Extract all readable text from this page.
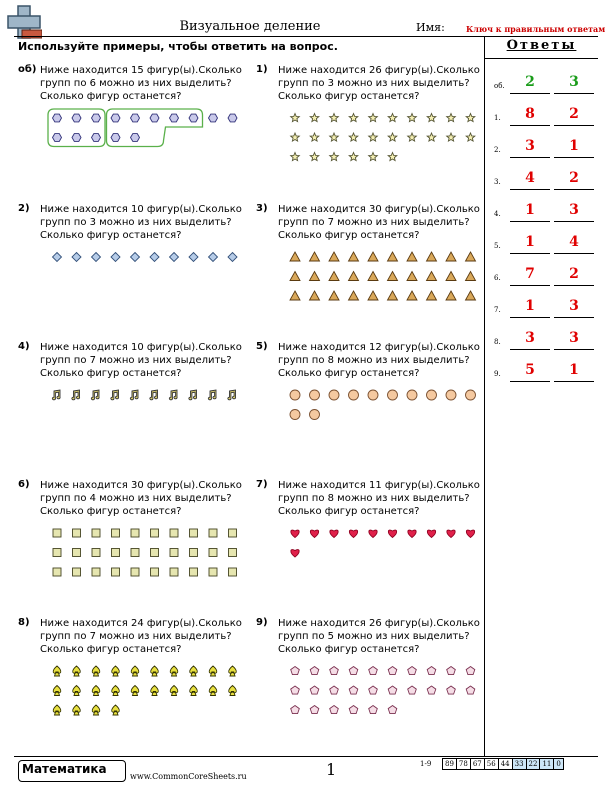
Визуальное деление	Имя:	Ключ к правильным ответам
Используйте примеры, чтобы ответить на вопрос.	Ответы
об.	2	3
1.	8	2
2.	3	1
3.	4	2
4.	1	3
5.	1	4
6.	7	2
7.	1	3
8.	3	3
9.	5	1
об) Ниже находится 15 фигур(ы).Сколько групп по 6 можно из них выделить? Сколько фигур останется?
1) Ниже находится 26 фигур(ы).Сколько групп по 3 можно из них выделить? Сколько фигур останется?
2) Ниже находится 10 фигур(ы).Сколько групп по 3 можно из них выделить? Сколько фигур останется?
3) Ниже находится 30 фигур(ы).Сколько групп по 7 можно из них выделить? Сколько фигур останется?
4) Ниже находится 10 фигур(ы).Сколько групп по 7 можно из них выделить? Сколько фигур останется?
5) Ниже находится 12 фигур(ы).Сколько групп по 8 можно из них выделить? Сколько фигур останется?
6) Ниже находится 30 фигур(ы).Сколько групп по 4 можно из них выделить? Сколько фигур останется?
7) Ниже находится 11 фигур(ы).Сколько групп по 8 можно из них выделить? Сколько фигур останется?
8) Ниже находится 24 фигур(ы).Сколько групп по 7 можно из них выделить? Сколько фигур останется?
9) Ниже находится 26 фигур(ы).Сколько групп по 5 можно из них выделить? Сколько фигур останется?
Математика
www.CommonCoreSheets.ru	1	1-9 89	78	67	56	44	33	22	11	0
